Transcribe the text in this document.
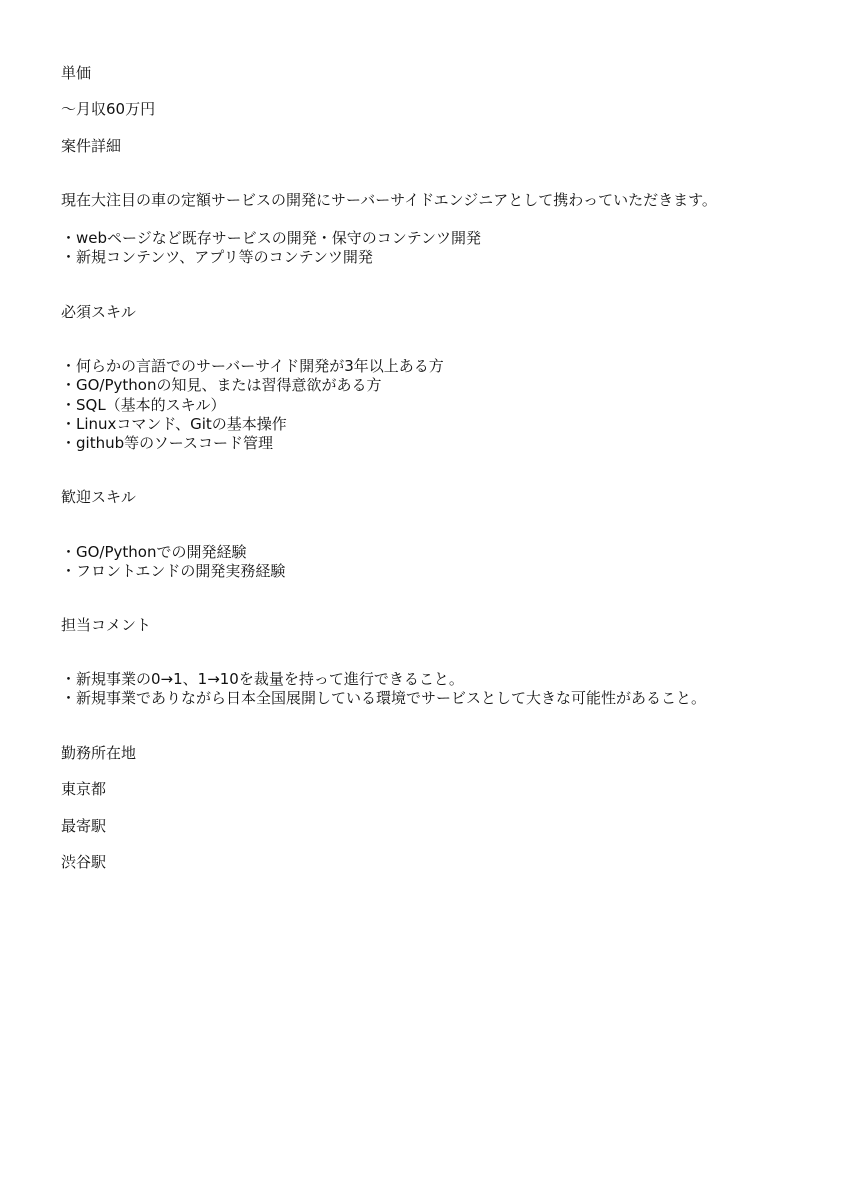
単価
～月収60万円
案件詳細
現在大注目の車の定額サービスの開発にサーバーサイドエンジニアとして携わっていただきます。
・webページなど既存サービスの開発・保守のコンテンツ開発
・新規コンテンツ、アプリ等のコンテンツ開発
必須スキル
・何らかの言語でのサーバーサイド開発が3年以上ある方
・GO/Pythonの知見、または習得意欲がある方
・SQL（基本的スキル）
・Linuxコマンド、Gitの基本操作
・github等のソースコード管理
歓迎スキル
・GO/Pythonでの開発経験
・フロントエンドの開発実務経験
担当コメント
・新規事業の0→1、1→10を裁量を持って進行できること。
・新規事業でありながら日本全国展開している環境でサービスとして大きな可能性があること。
勤務所在地
東京都
最寄駅
渋谷駅
